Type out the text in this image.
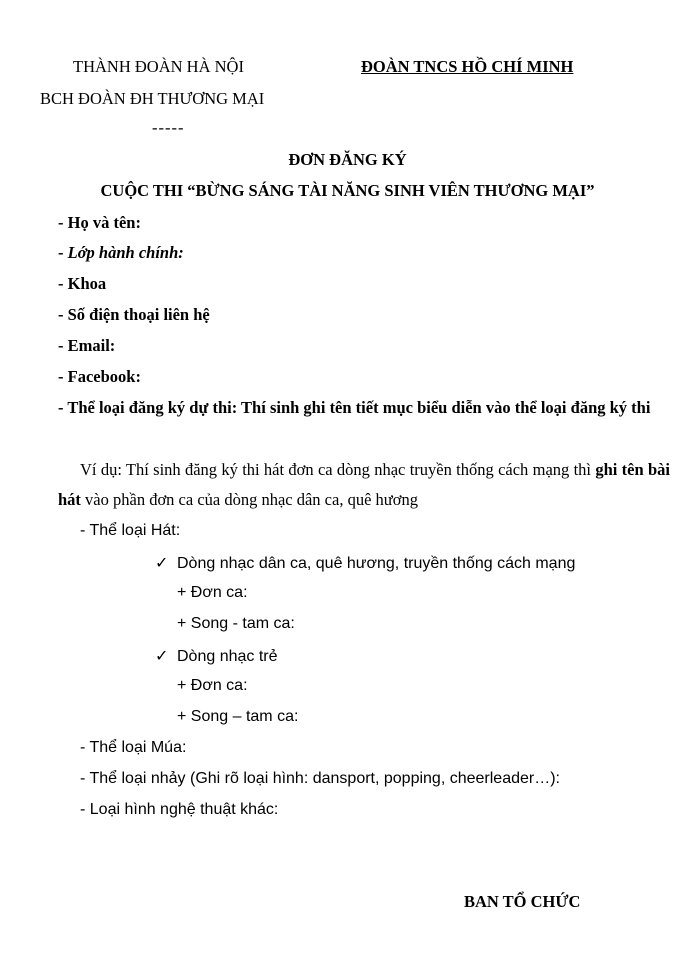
THÀNH ĐOÀN HÀ NỘI
BCH ĐOÀN ĐH THƯƠNG MẠI
-----
ĐOÀN TNCS HỒ CHÍ MINH
ĐƠN ĐĂNG KÝ
CUỘC THI “BỪNG SÁNG TÀI NĂNG SINH VIÊN THƯƠNG MẠI”
- Họ và tên:
- Lớp hành chính:
- Khoa
- Số điện thoại liên hệ
- Email:
- Facebook:
- Thể loại đăng ký dự thi: Thí sinh ghi tên tiết mục biểu diễn vào thể loại đăng ký thi
Ví dụ: Thí sinh đăng ký thi hát đơn ca dòng nhạc truyền thống cách mạng thì ghi tên bài hát vào phần đơn ca của dòng nhạc dân ca, quê hương
- Thể loại Hát:
✓ Dòng nhạc dân ca, quê hương, truyền thống cách mạng
+ Đơn ca:
+ Song - tam ca:
✓ Dòng nhạc trẻ
+ Đơn ca:
+ Song – tam ca:
- Thể loại Múa:
- Thể loại nhảy (Ghi rõ loại hình: dansport, popping, cheerleader…):
- Loại hình nghệ thuật khác:
BAN TỔ CHỨC
